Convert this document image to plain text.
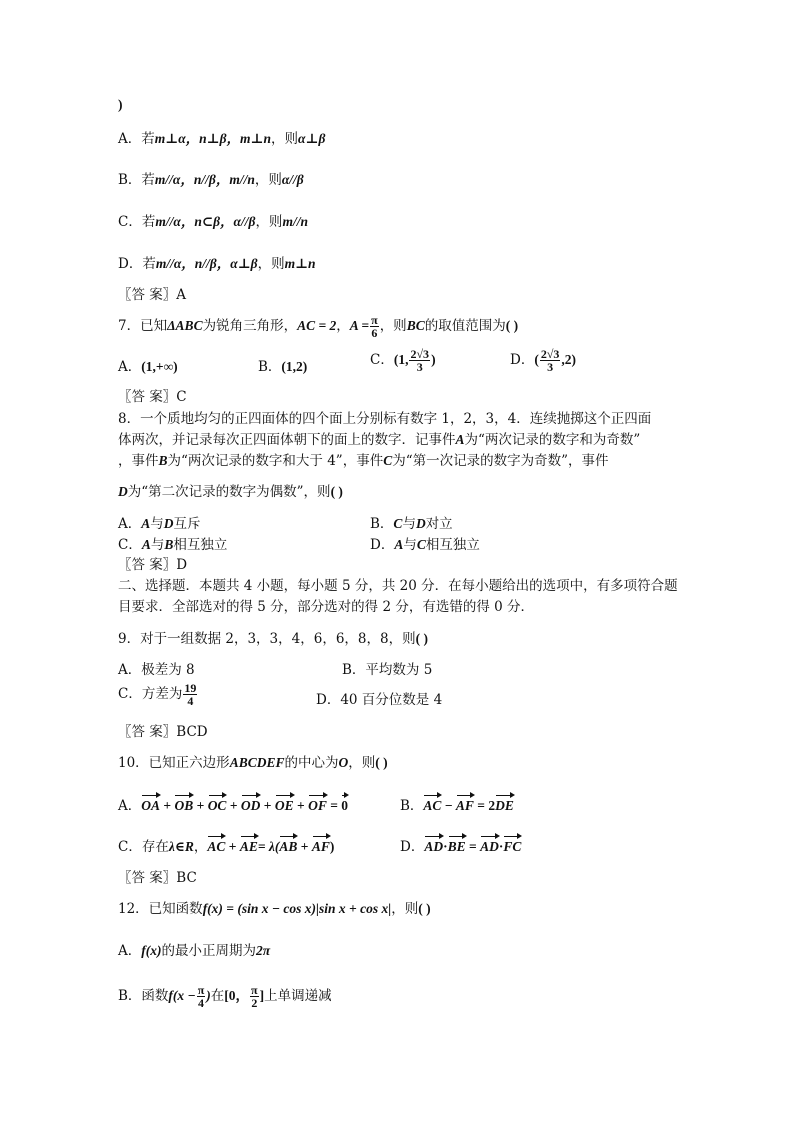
)
A．若m⊥α，n⊥β，m⊥n，则α⊥β
B．若m//α，n//β，m//n，则α//β
C．若m//α，n⊂β，α//β，则m//n
D．若m//α，n//β，α⊥β，则m⊥n
〖答 案〗A
7．已知ΔABC为锐角三角形，AC = 2，$A = \frac{\pi}{6}$ ，则BC的取值范围为( )
A．(1,+∞)	B．(1,2)	C．(1, $\frac{2√3}{3}$ )	D．( $\frac{2√3}{3} ,2$)
〖答 案〗C
8．一个质地均匀的正四面体的四个面上分别标有数字 1，2，3，4．连续抛掷这个正四面
体两次，并记录每次正四面体朝下的面上的数字．记事件A为“两次记录的数字和为奇数”
，事件B为“两次记录的数字和大于 4”，事件C为“第一次记录的数字为奇数”，事件
D为“第二次记录的数字为偶数”，则( )
A．A与D互斥	B．C与D对立
C．A与B相互独立	D．A与C相互独立
〖答 案〗D
二、选择题．本题共 4 小题，每小题 5 分，共 20 分．在每小题给出的选项中，有多项符合题
目要求．全部选对的得 5 分，部分选对的得 2 分，有选错的得 0 分．
9．对于一组数据 2，3，3，4，6，6，8，8，则( )
A．极差为 8	B．平均数为 5
C．方差为 $\frac{19}{4}$	D．40 百分位数是 4
〖答 案〗BCD
10．已知正六边形ABCDEF的中心为O，则( )
A．OA + OB + OC + OD + OE + OF = 0	B．AC − AF = 2DE
C．存在λ∈R，AC + AE= λ(AB + AF)	D．AD·BE = AD·FC
〖答 案〗BC
12．已知函数f(x) = (sin x − cos x)|sin x + cos x|，则( )
A．f(x)的最小正周期为2π
B．函数$f(x - \frac{\pi}{4}$ )在[0， $\frac{\pi}{2}$ ]上单调递减
